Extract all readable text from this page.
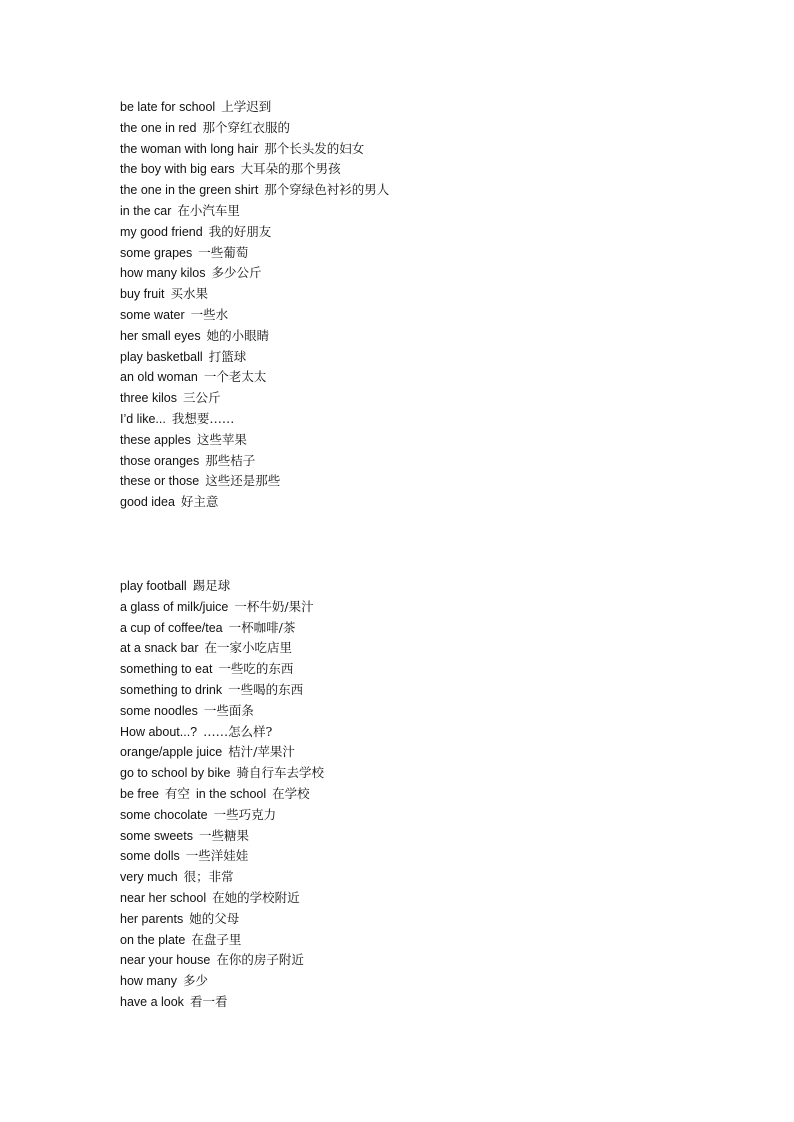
be late for school 上学迟到
the one in red 那个穿红衣服的
the woman with long hair 那个长头发的妇女
the boy with big ears 大耳朵的那个男孩
the one in the green shirt 那个穿绿色衬衫的男人
in the car 在小汽车里
my good friend 我的好朋友
some grapes 一些葡萄
how many kilos 多少公斤
buy fruit 买水果
some water 一些水
her small eyes 她的小眼睛
play basketball 打篮球
an old woman 一个老太太
three kilos 三公斤
I’d like... 我想要……
these apples 这些苹果
those oranges 那些桔子
these or those 这些还是那些
good idea 好主意
play football 踢足球
a glass of milk/juice 一杯牛奶/果汁
a cup of coffee/tea 一杯咖啡/茶
at a snack bar 在一家小吃店里
something to eat 一些吃的东西
something to drink 一些喝的东西
some noodles 一些面条
How about...? ……怎么样?
orange/apple juice 桔汁/苹果汁
go to school by bike 骑自行车去学校
be free 有空 in the school 在学校
some chocolate 一些巧克力
some sweets 一些糖果
some dolls 一些洋娃娃
very much 很；非常
near her school 在她的学校附近
her parents 她的父母
on the plate 在盘子里
near your house 在你的房子附近
how many 多少
have a look 看一看
